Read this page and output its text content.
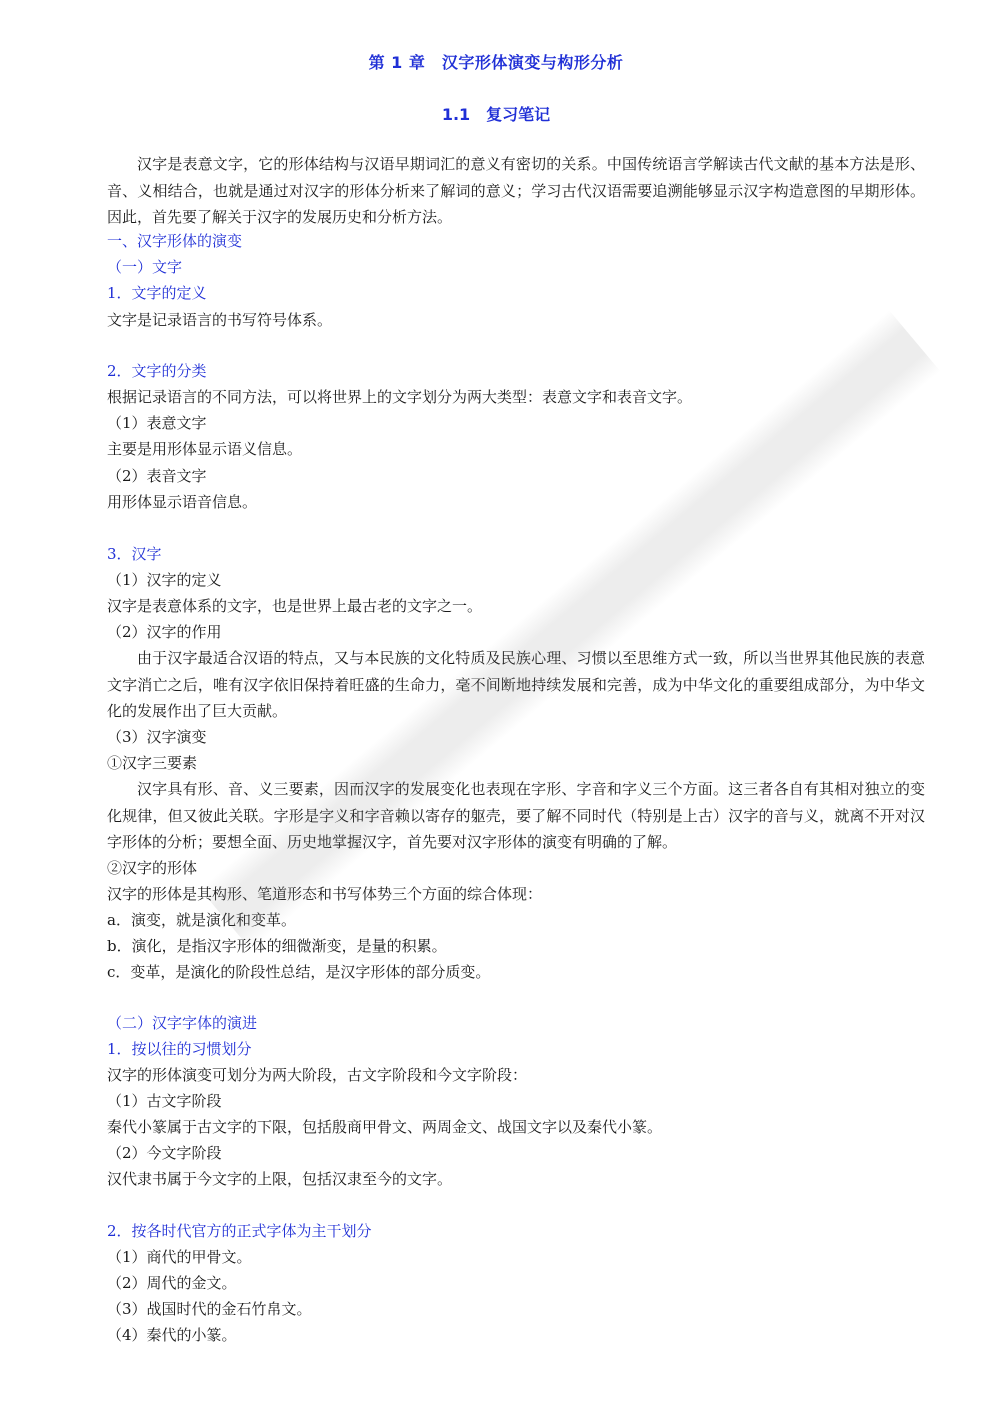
第 1 章　汉字形体演变与构形分析
1.1　复习笔记
汉字是表意文字，它的形体结构与汉语早期词汇的意义有密切的关系。中国传统语言学解读古代文献的基本方法是形、音、义相结合，也就是通过对汉字的形体分析来了解词的意义；学习古代汉语需要追溯能够显示汉字构造意图的早期形体。因此，首先要了解关于汉字的发展历史和分析方法。
一、汉字形体的演变
（一）文字
1．文字的定义
文字是记录语言的书写符号体系。
2．文字的分类
根据记录语言的不同方法，可以将世界上的文字划分为两大类型：表意文字和表音文字。
（1）表意文字
主要是用形体显示语义信息。
（2）表音文字
用形体显示语音信息。
3．汉字
（1）汉字的定义
汉字是表意体系的文字，也是世界上最古老的文字之一。
（2）汉字的作用
由于汉字最适合汉语的特点，又与本民族的文化特质及民族心理、习惯以至思维方式一致，所以当世界其他民族的表意文字消亡之后，唯有汉字依旧保持着旺盛的生命力，毫不间断地持续发展和完善，成为中华文化的重要组成部分，为中华文化的发展作出了巨大贡献。
（3）汉字演变
①汉字三要素
汉字具有形、音、义三要素，因而汉字的发展变化也表现在字形、字音和字义三个方面。这三者各自有其相对独立的变化规律，但又彼此关联。字形是字义和字音赖以寄存的躯壳，要了解不同时代（特别是上古）汉字的音与义，就离不开对汉字形体的分析；要想全面、历史地掌握汉字，首先要对汉字形体的演变有明确的了解。
②汉字的形体
汉字的形体是其构形、笔道形态和书写体势三个方面的综合体现：
a．演变，就是演化和变革。
b．演化，是指汉字形体的细微渐变，是量的积累。
c．变革，是演化的阶段性总结，是汉字形体的部分质变。
（二）汉字字体的演进
1．按以往的习惯划分
汉字的形体演变可划分为两大阶段，古文字阶段和今文字阶段：
（1）古文字阶段
秦代小篆属于古文字的下限，包括殷商甲骨文、两周金文、战国文字以及秦代小篆。
（2）今文字阶段
汉代隶书属于今文字的上限，包括汉隶至今的文字。
2．按各时代官方的正式字体为主干划分
（1）商代的甲骨文。
（2）周代的金文。
（3）战国时代的金石竹帛文。
（4）秦代的小篆。
